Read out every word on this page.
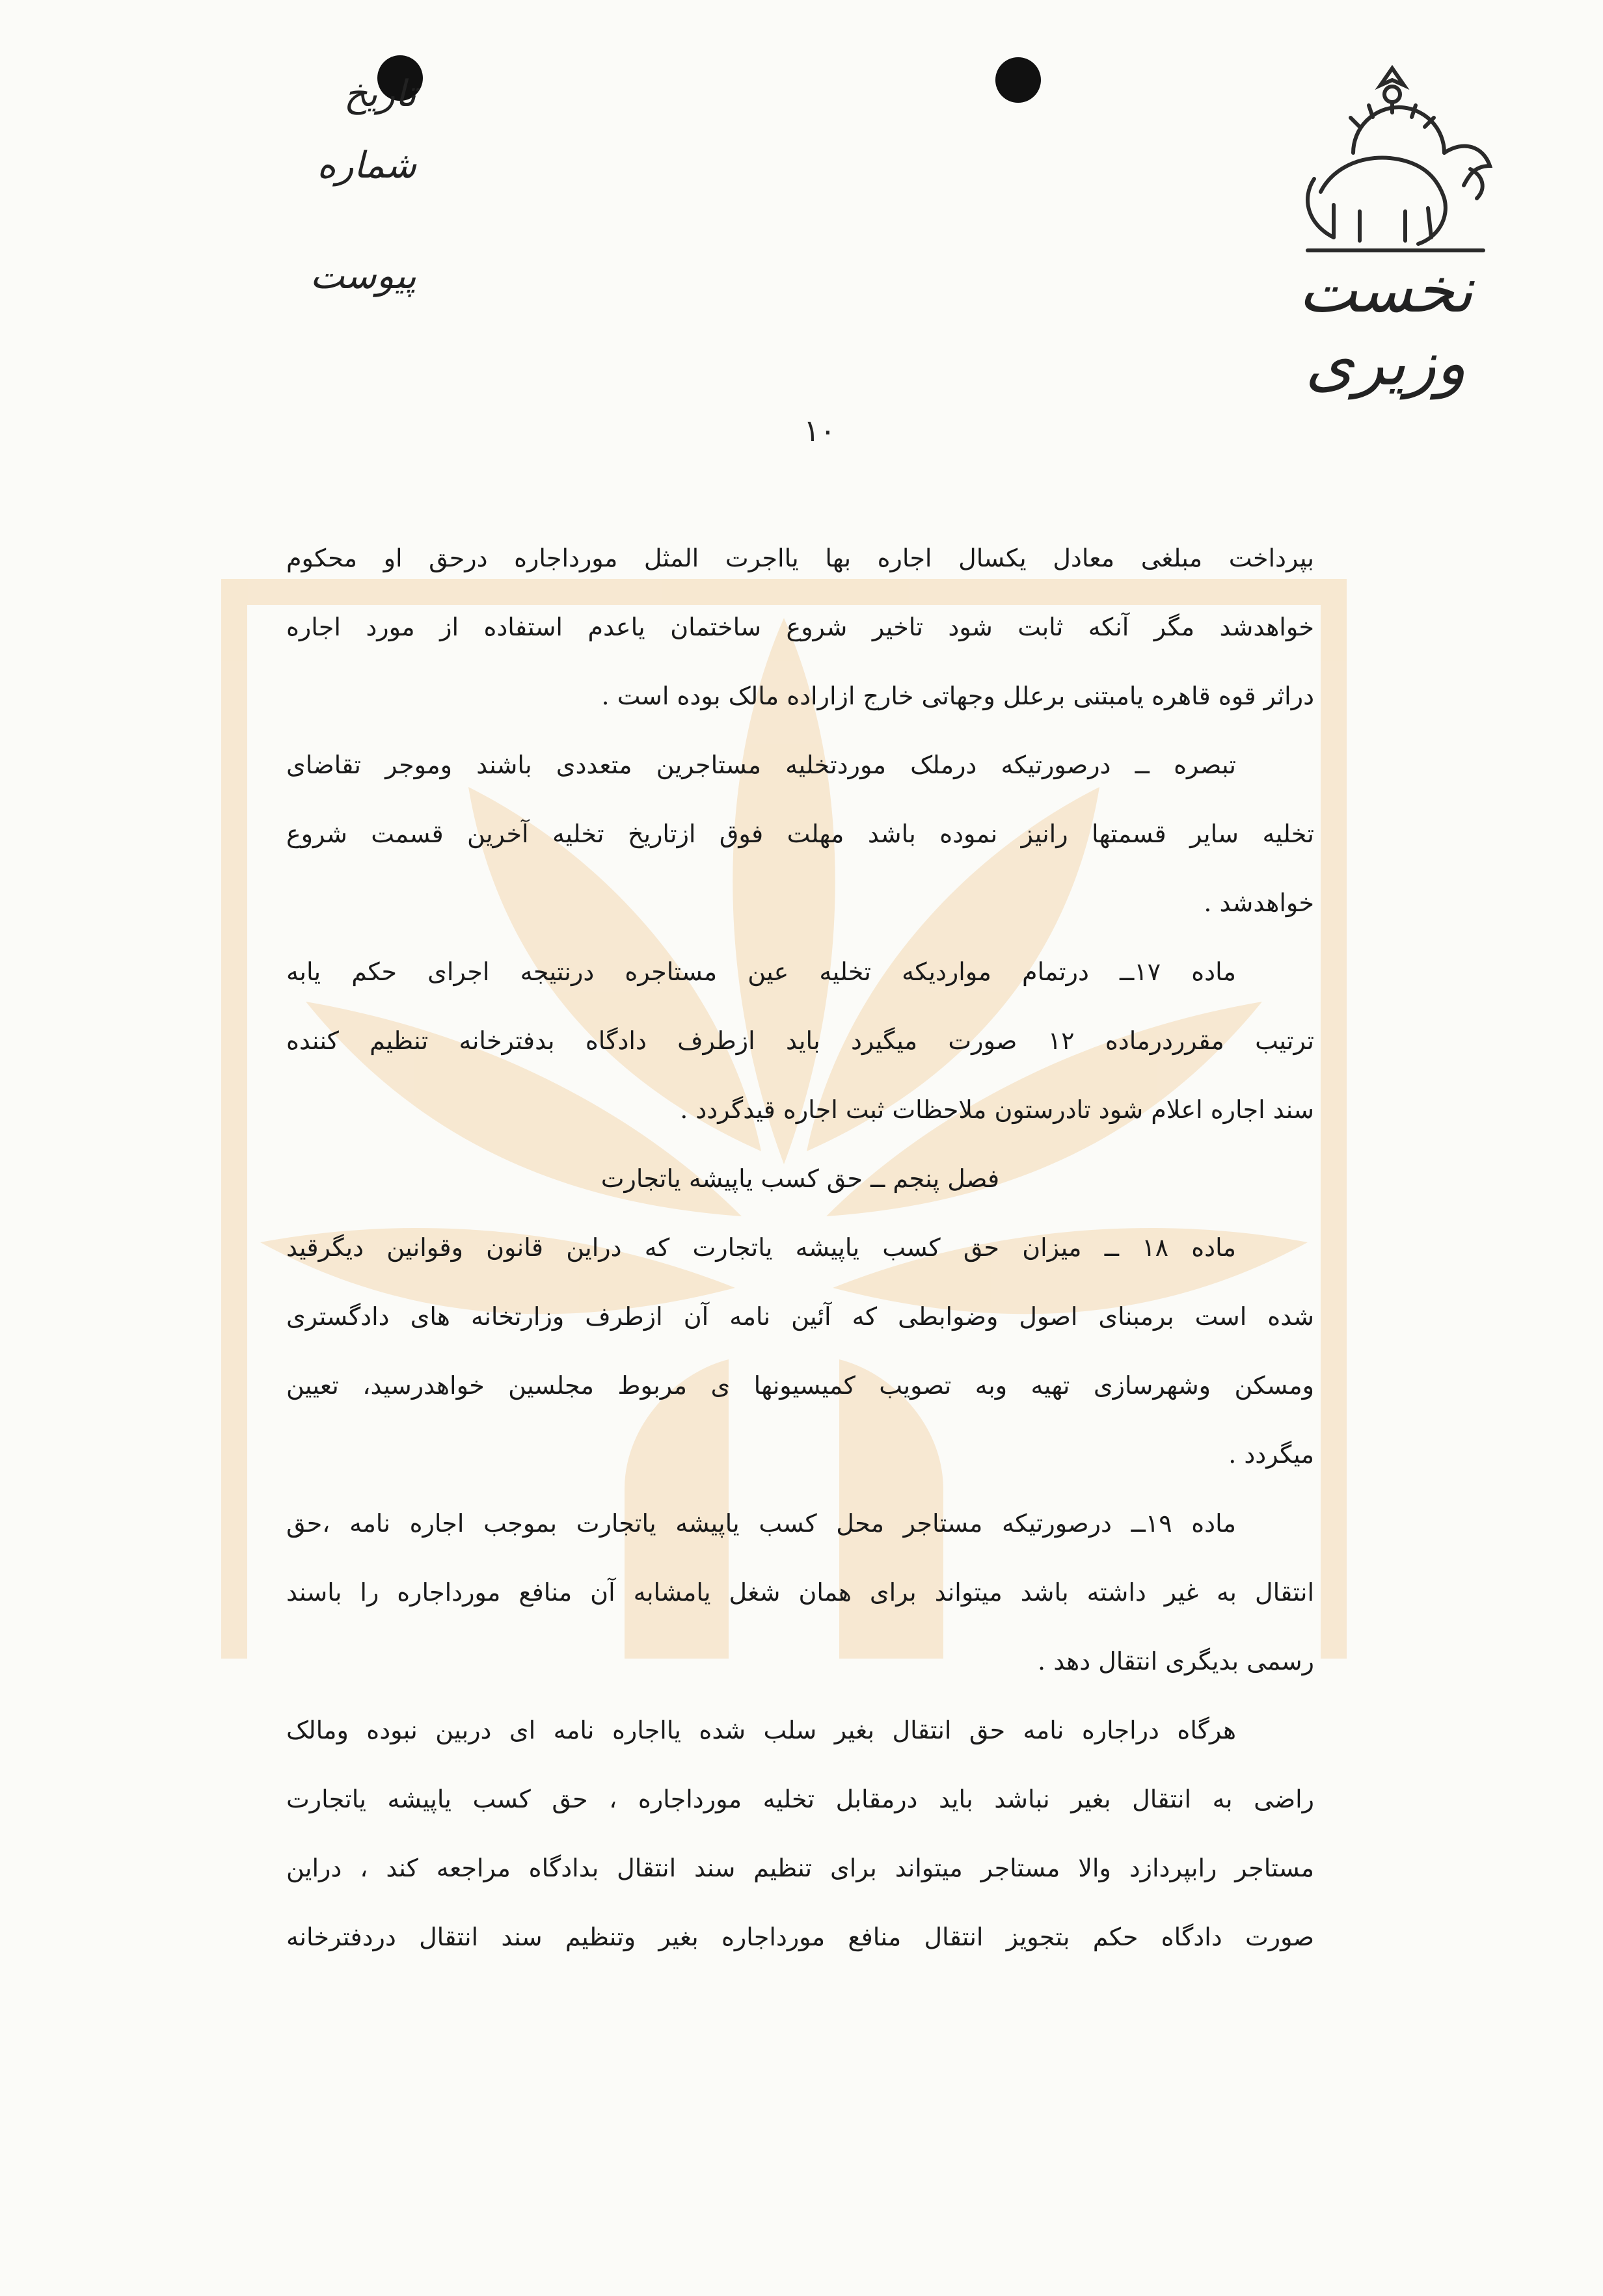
تاریخ
شماره
پیوست	نخست وزیری
۱۰
بپرداخت مبلغی معادل یکسال اجاره بها یااجرت المثل مورداجاره درحق او محکوم
خواهدشد مگر آنکه ثابت شود تاخیر شروع ساختمان یاعدم استفاده از مورد اجاره
دراثر قوه قاهره یامبتنی برعلل وجهاتی خارج ازاراده مالک بوده است .
تبصره ــ درصورتیکه درملک موردتخلیه مستاجرین متعددی باشند وموجر تقاضای
تخلیه سایر قسمتها رانیز نموده باشد مهلت فوق ازتاریخ تخلیه آخرین قسمت شروع
خواهدشد .
ماده ۱۷ــ درتمام مواردیکه تخلیه عین مستاجره درنتیجه اجرای حکم یابه
ترتیب مقرردرماده ۱۲ صورت میگیرد باید ازطرف دادگاه بدفترخانه تنظیم کننده
سند اجاره اعلام شود تادرستون ملاحظات ثبت اجاره قیدگردد .
فصل پنجم ــ حق کسب یاپیشه یاتجارت
ماده ۱۸ ــ میزان حق کسب یاپیشه یاتجارت که دراین قانون وقوانین دیگرقید
شده است برمبنای اصول وضوابطی که آئین نامه آن ازطرف وزارتخانه های دادگستری
ومسکن وشهرسازی تهیه وبه تصویب کمیسیونها ی مربوط مجلسین خواهدرسید، تعیین
میگردد .
ماده ۱۹ــ درصورتیکه مستاجر محل کسب یاپیشه یاتجارت بموجب اجاره نامه ،حق
انتقال به غیر داشته باشد میتواند برای همان شغل یامشابه آن منافع مورداجاره را باسند
رسمی بدیگری انتقال دهد .
هرگاه دراجاره نامه حق انتقال بغیر سلب شده یااجاره نامه ای دربین نبوده ومالک
راضی به انتقال بغیر نباشد باید درمقابل تخلیه مورداجاره ، حق کسب یاپیشه یاتجارت
مستاجر رابپردازد والا مستاجر میتواند برای تنظیم سند انتقال بدادگاه مراجعه کند ، دراین
صورت دادگاه حکم بتجویز انتقال منافع مورداجاره بغیر وتنظیم سند انتقال دردفترخانه
